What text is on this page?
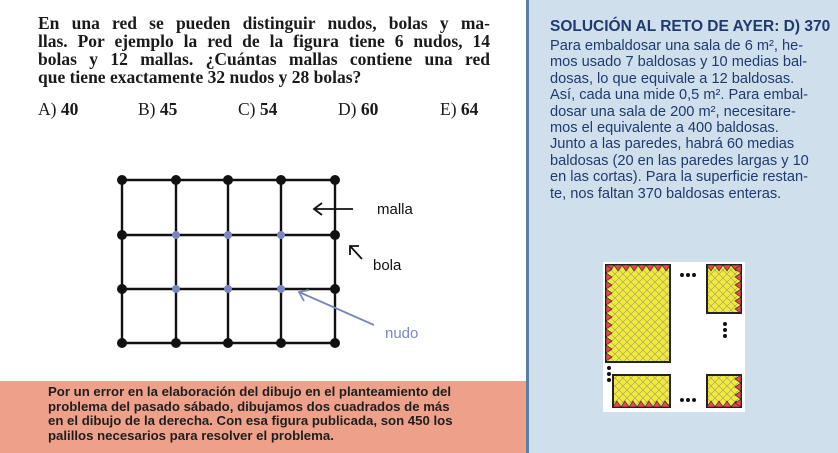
En una red se pueden distinguir nudos, bolas y ma-
llas. Por ejemplo la red de la figura tiene 6 nudos, 14
bolas y 12 mallas. ¿Cuántas mallas contiene una red
que tiene exactamente 32 nudos y 28 bolas?
A) 40	B) 45	C) 54	D) 60	E) 64
malla
bola
nudo

Por un error en la elaboración del dibujo en el planteamiento del
problema del pasado sábado, dibujamos dos cuadrados de más
en el dibujo de la derecha. Con esa figura publicada, son 450 los
palillos necesarios para resolver el problema.

SOLUCIÓN AL RETO DE AYER: D) 370
Para embaldosar una sala de 6 m², he-
mos usado 7 baldosas y 10 medias bal-
dosas, lo que equivale a 12 baldosas.
Así, cada una mide 0,5 m². Para embal-
dosar una sala de 200 m², necesitare-
mos el equivalente a 400 baldosas.
Junto a las paredes, habrá 60 medias
baldosas (20 en las paredes largas y 10
en las cortas). Para la superficie restan-
te, nos faltan 370 baldosas enteras.
